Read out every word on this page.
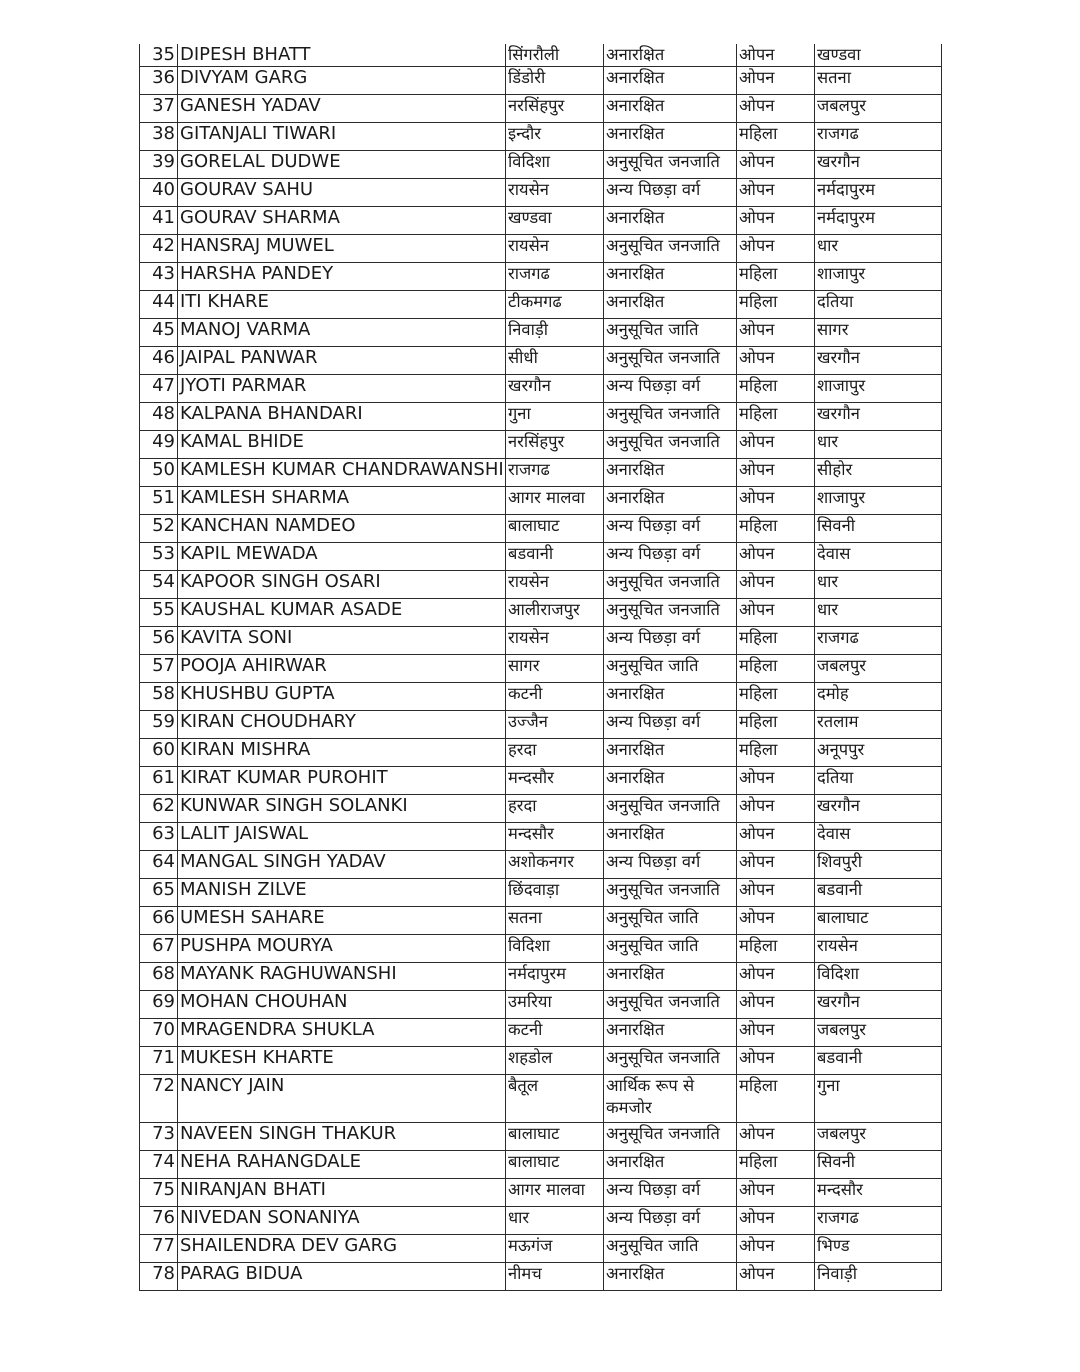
35	DIPESH BHATT	सिंगरौली	अनारक्षित	ओपन	खण्डवा
36	DIVYAM GARG	डिंडोरी	अनारक्षित	ओपन	सतना
37	GANESH YADAV	नरसिंहपुर	अनारक्षित	ओपन	जबलपुर
38	GITANJALI TIWARI	इन्दौर	अनारक्षित	महिला	राजगढ
39	GORELAL DUDWE	विदिशा	अनुसूचित जनजाति	ओपन	खरगौन
40	GOURAV SAHU	रायसेन	अन्य पिछड़ा वर्ग	ओपन	नर्मदापुरम
41	GOURAV SHARMA	खण्डवा	अनारक्षित	ओपन	नर्मदापुरम
42	HANSRAJ MUWEL	रायसेन	अनुसूचित जनजाति	ओपन	धार
43	HARSHA PANDEY	राजगढ	अनारक्षित	महिला	शाजापुर
44	ITI KHARE	टीकमगढ	अनारक्षित	महिला	दतिया
45	MANOJ VARMA	निवाड़ी	अनुसूचित जाति	ओपन	सागर
46	JAIPAL PANWAR	सीधी	अनुसूचित जनजाति	ओपन	खरगौन
47	JYOTI PARMAR	खरगौन	अन्य पिछड़ा वर्ग	महिला	शाजापुर
48	KALPANA BHANDARI	गुना	अनुसूचित जनजाति	महिला	खरगौन
49	KAMAL BHIDE	नरसिंहपुर	अनुसूचित जनजाति	ओपन	धार
50	KAMLESH KUMAR CHANDRAWANSHI	राजगढ	अनारक्षित	ओपन	सीहोर
51	KAMLESH SHARMA	आगर मालवा	अनारक्षित	ओपन	शाजापुर
52	KANCHAN NAMDEO	बालाघाट	अन्य पिछड़ा वर्ग	महिला	सिवनी
53	KAPIL MEWADA	बडवानी	अन्य पिछड़ा वर्ग	ओपन	देवास
54	KAPOOR SINGH OSARI	रायसेन	अनुसूचित जनजाति	ओपन	धार
55	KAUSHAL KUMAR ASADE	आलीराजपुर	अनुसूचित जनजाति	ओपन	धार
56	KAVITA SONI	रायसेन	अन्य पिछड़ा वर्ग	महिला	राजगढ
57	POOJA AHIRWAR	सागर	अनुसूचित जाति	महिला	जबलपुर
58	KHUSHBU GUPTA	कटनी	अनारक्षित	महिला	दमोह
59	KIRAN CHOUDHARY	उज्जैन	अन्य पिछड़ा वर्ग	महिला	रतलाम
60	KIRAN MISHRA	हरदा	अनारक्षित	महिला	अनूपपुर
61	KIRAT KUMAR PUROHIT	मन्दसौर	अनारक्षित	ओपन	दतिया
62	KUNWAR SINGH SOLANKI	हरदा	अनुसूचित जनजाति	ओपन	खरगौन
63	LALIT JAISWAL	मन्दसौर	अनारक्षित	ओपन	देवास
64	MANGAL SINGH YADAV	अशोकनगर	अन्य पिछड़ा वर्ग	ओपन	शिवपुरी
65	MANISH ZILVE	छिंदवाड़ा	अनुसूचित जनजाति	ओपन	बडवानी
66	UMESH SAHARE	सतना	अनुसूचित जाति	ओपन	बालाघाट
67	PUSHPA MOURYA	विदिशा	अनुसूचित जाति	महिला	रायसेन
68	MAYANK RAGHUWANSHI	नर्मदापुरम	अनारक्षित	ओपन	विदिशा
69	MOHAN CHOUHAN	उमरिया	अनुसूचित जनजाति	ओपन	खरगौन
70	MRAGENDRA SHUKLA	कटनी	अनारक्षित	ओपन	जबलपुर
71	MUKESH KHARTE	शहडोल	अनुसूचित जनजाति	ओपन	बडवानी
72	NANCY JAIN	बैतूल	आर्थिक रूप से कमजोर	महिला	गुना
73	NAVEEN SINGH THAKUR	बालाघाट	अनुसूचित जनजाति	ओपन	जबलपुर
74	NEHA RAHANGDALE	बालाघाट	अनारक्षित	महिला	सिवनी
75	NIRANJAN BHATI	आगर मालवा	अन्य पिछड़ा वर्ग	ओपन	मन्दसौर
76	NIVEDAN SONANIYA	धार	अन्य पिछड़ा वर्ग	ओपन	राजगढ
77	SHAILENDRA DEV GARG	मऊगंज	अनुसूचित जाति	ओपन	भिण्ड
78	PARAG BIDUA	नीमच	अनारक्षित	ओपन	निवाड़ी
